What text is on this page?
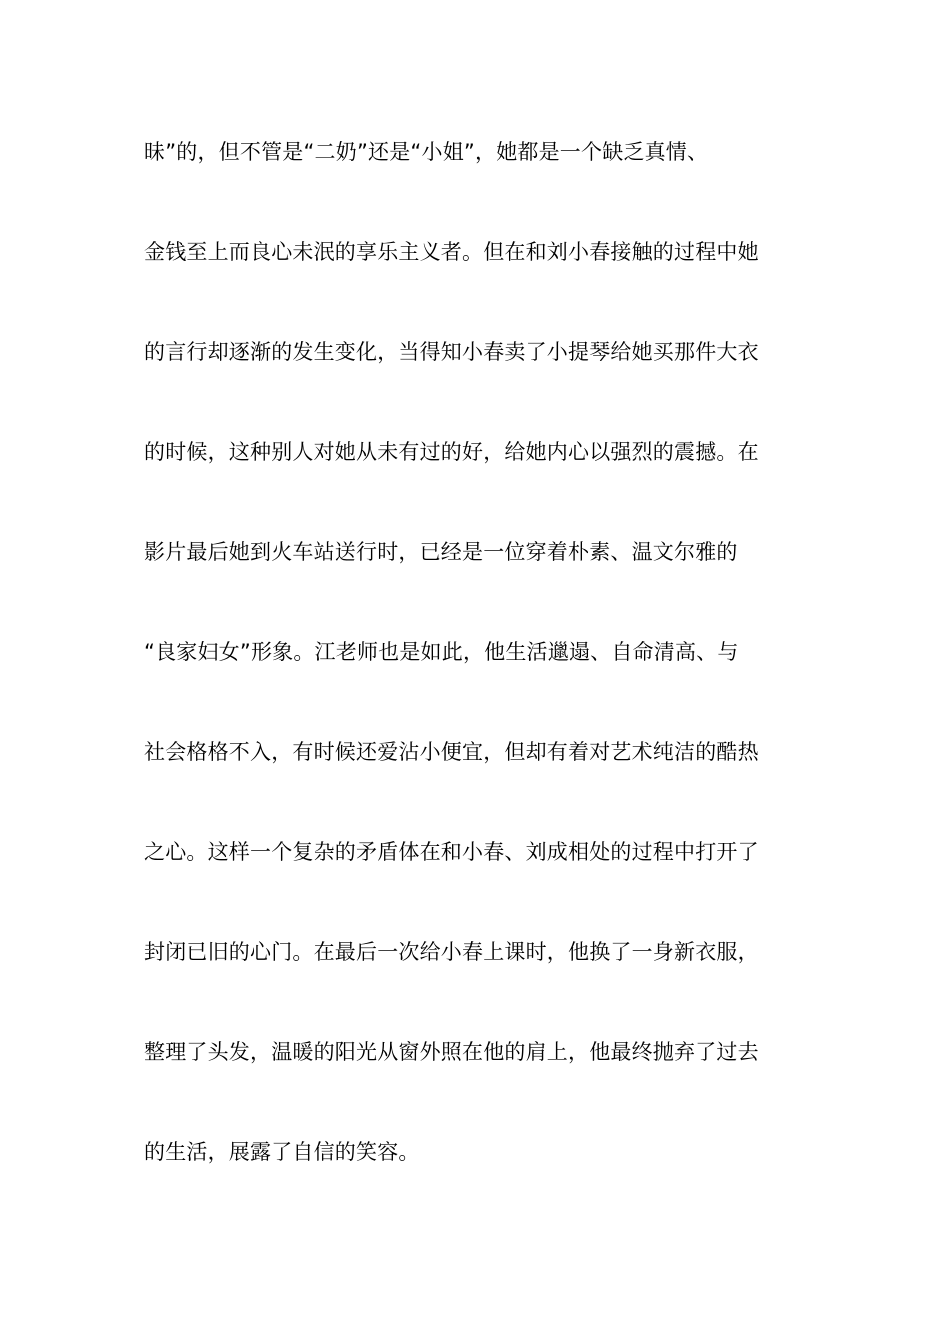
昧”的，但不管是“二奶”还是“小姐”，她都是一个缺乏真情、
金钱至上而良心未泯的享乐主义者。但在和刘小春接触的过程中她
的言行却逐渐的发生变化，当得知小春卖了小提琴给她买那件大衣
的时候，这种别人对她从未有过的好，给她内心以强烈的震撼。在
影片最后她到火车站送行时，已经是一位穿着朴素、温文尔雅的
“良家妇女”形象。江老师也是如此，他生活邋遢、自命清高、与
社会格格不入，有时候还爱沾小便宜，但却有着对艺术纯洁的酷热
之心。这样一个复杂的矛盾体在和小春、刘成相处的过程中打开了
封闭已旧的心门。在最后一次给小春上课时，他换了一身新衣服，
整理了头发，温暖的阳光从窗外照在他的肩上，他最终抛弃了过去
的生活，展露了自信的笑容。
